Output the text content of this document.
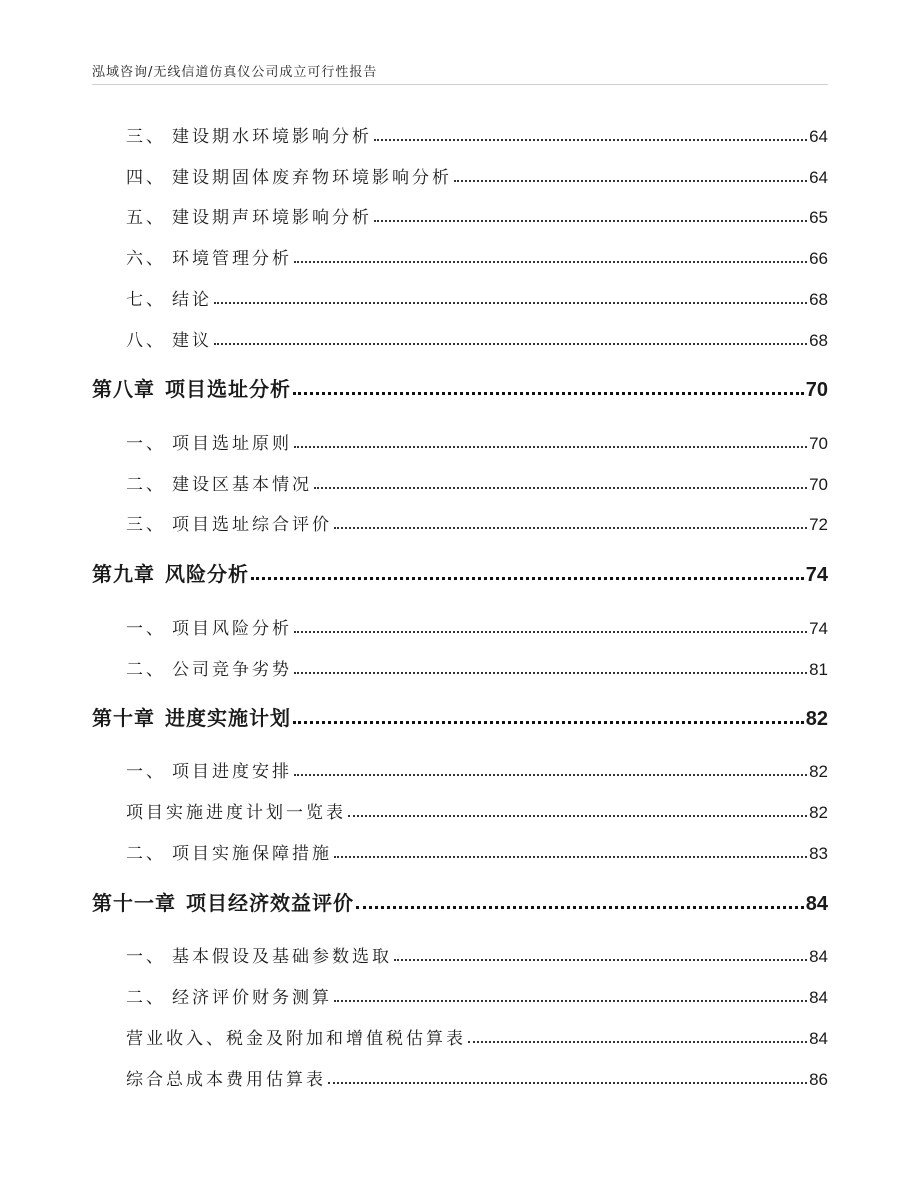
泓域咨询/无线信道仿真仪公司成立可行性报告
三、 建设期水环境影响分析	64
四、 建设期固体废弃物环境影响分析	64
五、 建设期声环境影响分析	65
六、 环境管理分析	66
七、 结论	68
八、 建议	68
第八章 项目选址分析	70
一、 项目选址原则	70
二、 建设区基本情况	70
三、 项目选址综合评价	72
第九章 风险分析	74
一、 项目风险分析	74
二、 公司竞争劣势	81
第十章 进度实施计划	82
一、 项目进度安排	82
项目实施进度计划一览表	82
二、 项目实施保障措施	83
第十一章 项目经济效益评价	84
一、 基本假设及基础参数选取	84
二、 经济评价财务测算	84
营业收入、税金及附加和增值税估算表	84
综合总成本费用估算表	86
